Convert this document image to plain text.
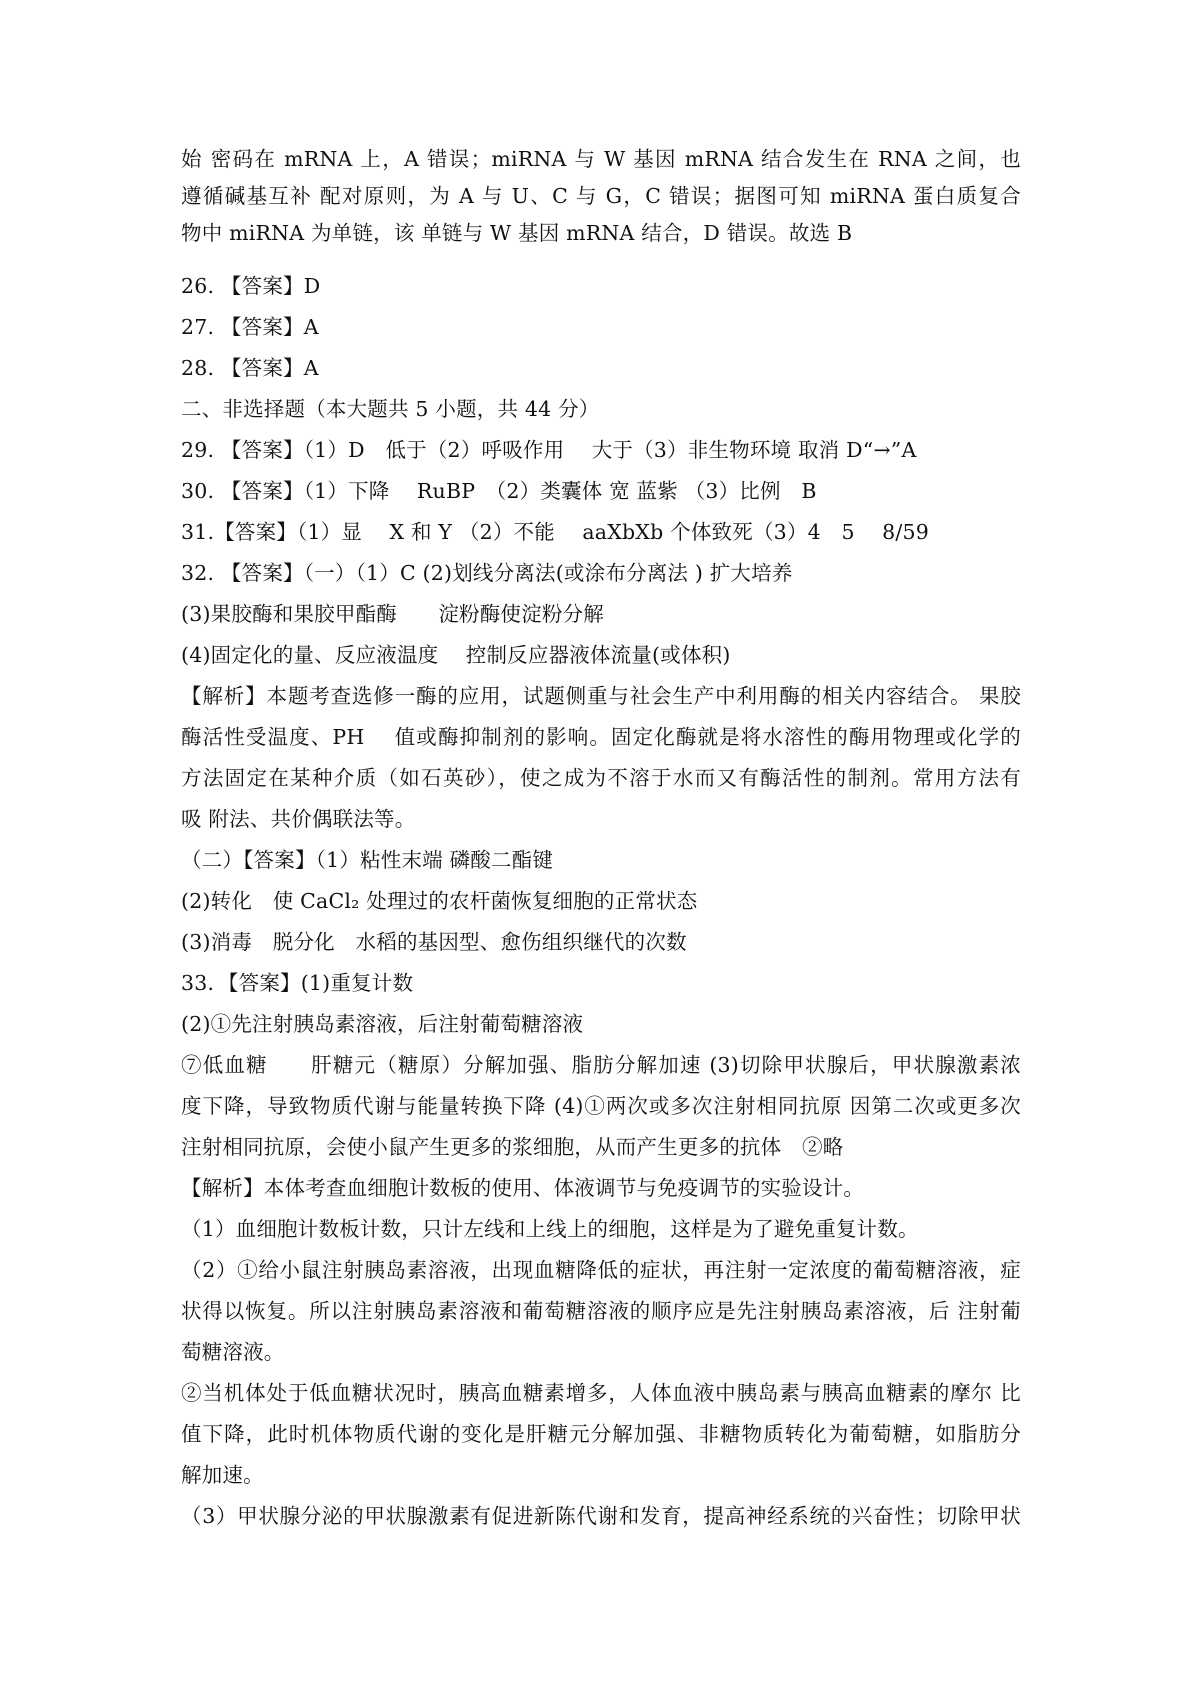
始 密码在 mRNA 上，A 错误；miRNA 与 W 基因 mRNA 结合发生在 RNA 之间，也
遵循碱基互补 配对原则，为 A 与 U、C 与 G，C 错误；据图可知 miRNA 蛋白质复合
物中 miRNA 为单链，该 单链与 W 基因 mRNA 结合，D 错误。故选 B
26. 【答案】D
27. 【答案】A
28. 【答案】A
二、非选择题（本大题共 5 小题，共 44 分）
29. 【答案】（1）D　低于（2）呼吸作用　 大于（3）非生物环境 取消 D“→”A
30. 【答案】（1）下降　 RuBP　（2）类囊体 宽 蓝紫 （3）比例　B
31.【答案】（1）显　 X 和 Y （2）不能　 aaXbXb 个体致死（3）4　5　 8/59
32. 【答案】（一）（1）C (2)划线分离法(或涂布分离法 ) 扩大培养
(3)果胶酶和果胶甲酯酶　　淀粉酶使淀粉分解
(4)固定化的量、反应液温度　 控制反应器液体流量(或体积)
【解析】本题考查选修一酶的应用，试题侧重与社会生产中利用酶的相关内容结合。 果胶
酶活性受温度、PH　 值或酶抑制剂的影响。固定化酶就是将水溶性的酶用物理或化学的
方法固定在某种介质（如石英砂），使之成为不溶于水而又有酶活性的制剂。常用方法有
吸 附法、共价偶联法等。
（二）【答案】（1）粘性末端 磷酸二酯键
(2)转化　使 CaCl₂ 处理过的农杆菌恢复细胞的正常状态
(3)消毒　脱分化　水稻的基因型、愈伤组织继代的次数
33．【答案】(1)重复计数
(2)①先注射胰岛素溶液，后注射葡萄糖溶液
⑦低血糖　　肝糖元（糖原）分解加强、脂肪分解加速 (3)切除甲状腺后，甲状腺激素浓
度下降，导致物质代谢与能量转换下降 (4)①两次或多次注射相同抗原 因第二次或更多次
注射相同抗原，会使小鼠产生更多的浆细胞，从而产生更多的抗体　②略
【解析】本体考查血细胞计数板的使用、体液调节与免疫调节的实验设计。
（1）血细胞计数板计数，只计左线和上线上的细胞，这样是为了避免重复计数。
（2）①给小鼠注射胰岛素溶液，出现血糖降低的症状，再注射一定浓度的葡萄糖溶液，症
状得以恢复。所以注射胰岛素溶液和葡萄糖溶液的顺序应是先注射胰岛素溶液，后 注射葡
萄糖溶液。
②当机体处于低血糖状况时，胰高血糖素增多，人体血液中胰岛素与胰高血糖素的摩尔 比
值下降，此时机体物质代谢的变化是肝糖元分解加强、非糖物质转化为葡萄糖，如脂肪分
解加速。
（3）甲状腺分泌的甲状腺激素有促进新陈代谢和发育，提高神经系统的兴奋性；切除甲状
